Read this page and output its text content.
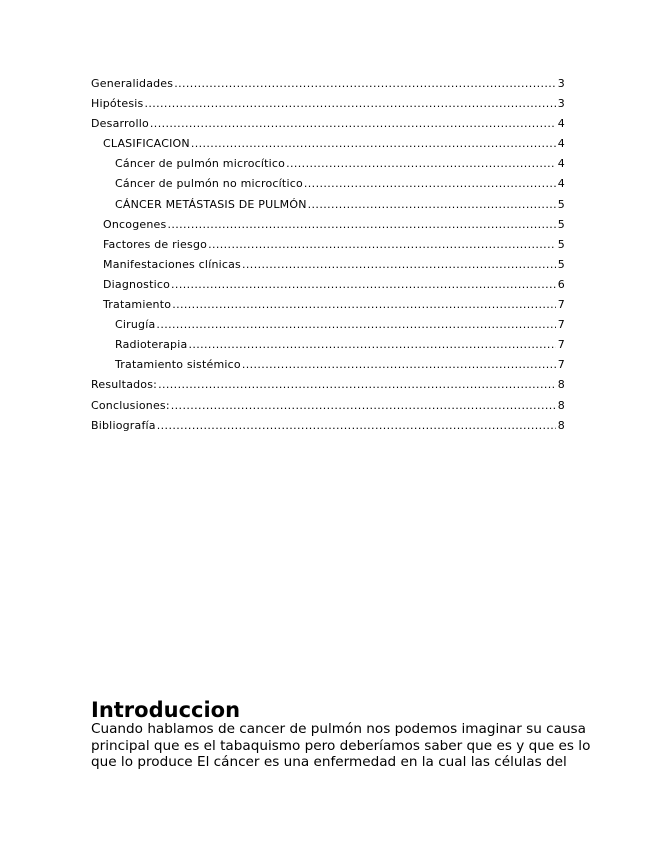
Generalidades .....	3
Hipótesis .....	3
Desarrollo .....	4
CLASIFICACION .....	4
Cáncer de pulmón microcítico .....	4
Cáncer de pulmón no microcítico .....	4
CÁNCER METÁSTASIS DE PULMÓN .....	5
Oncogenes .....	5
Factores de riesgo .....	5
Manifestaciones clínicas .....	5
Diagnostico .....	6
Tratamiento .....	7
Cirugía .....	7
Radioterapia .....	7
Tratamiento sistémico .....	7
Resultados: .....	8
Conclusiones: .....	8
Bibliografía .....	8
Introduccion

Cuando hablamos de cancer de pulmón nos podemos imaginar su causa
principal que es el tabaquismo pero deberíamos saber que es y que es lo
que lo produce El cáncer es una enfermedad en la cual las células del
